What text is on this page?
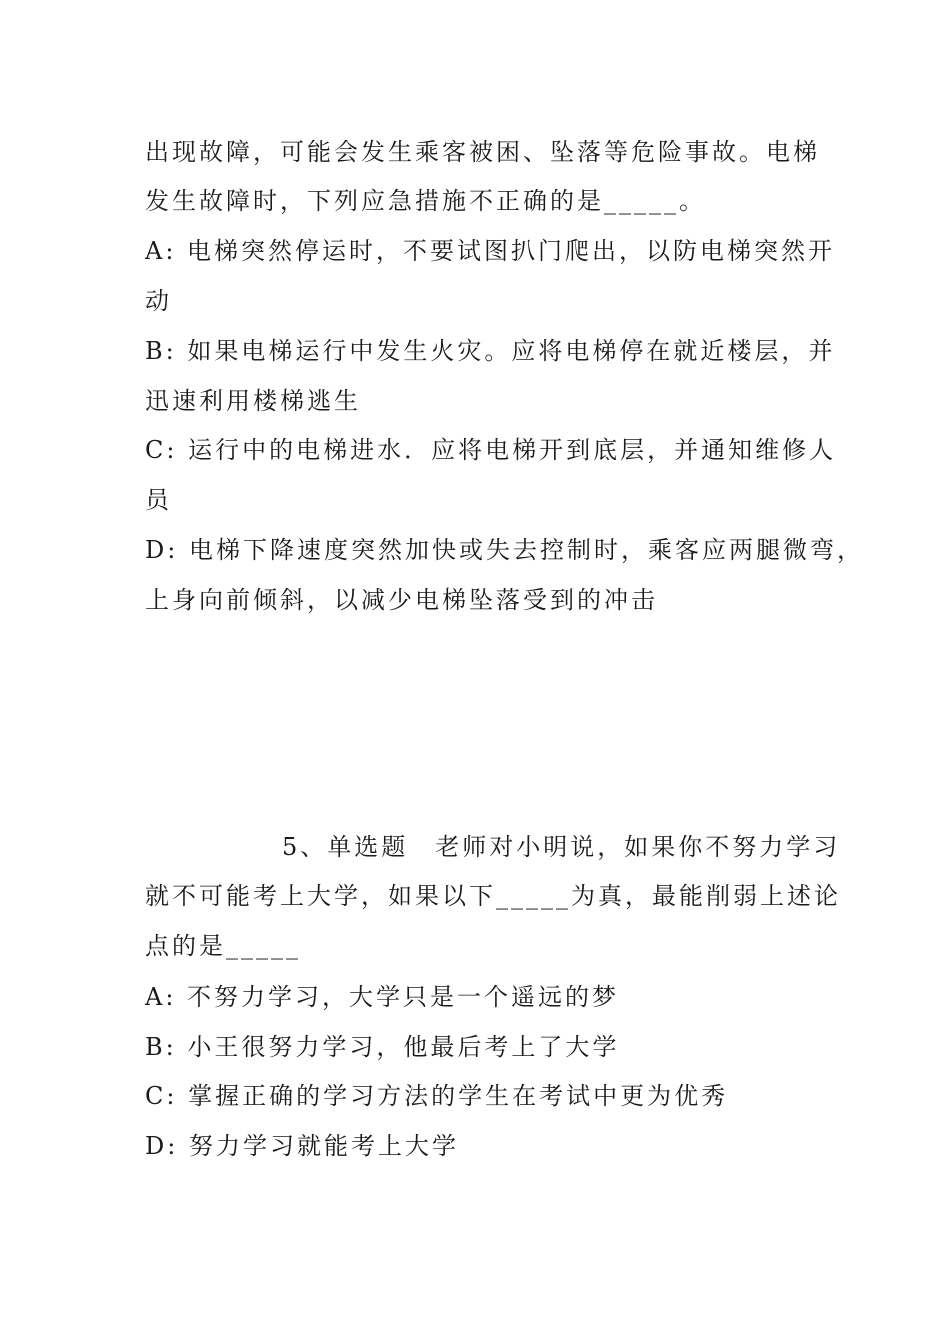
出现故障，可能会发生乘客被困、坠落等危险事故。电梯
发生故障时，下列应急措施不正确的是_____。
A: 电梯突然停运时，不要试图扒门爬出，以防电梯突然开
动
B: 如果电梯运行中发生火灾。应将电梯停在就近楼层，并
迅速利用楼梯逃生
C: 运行中的电梯进水．应将电梯开到底层，并通知维修人
员
D: 电梯下降速度突然加快或失去控制时，乘客应两腿微弯，
上身向前倾斜，以减少电梯坠落受到的冲击
5、单选题　老师对小明说，如果你不努力学习
就不可能考上大学，如果以下_____为真，最能削弱上述论
点的是_____
A: 不努力学习，大学只是一个遥远的梦
B: 小王很努力学习，他最后考上了大学
C: 掌握正确的学习方法的学生在考试中更为优秀
D: 努力学习就能考上大学
